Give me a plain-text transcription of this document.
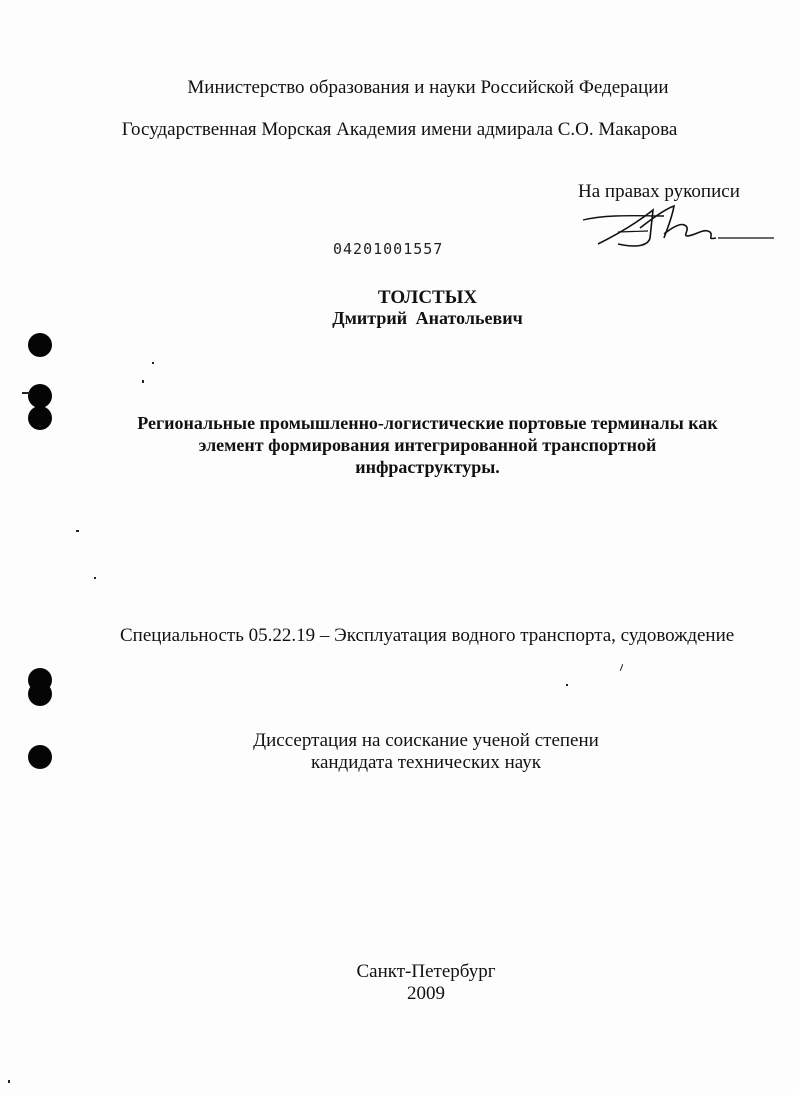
Министерство образования и науки Российской Федерации
Государственная Морская Академия имени адмирала С.О. Макарова
На правах рукописи
04201001557
ТОЛСТЫХ
Дмитрий Анатольевич
Региональные промышленно-логистические портовые терминалы как
элемент формирования интегрированной транспортной
инфраструктуры.
Специальность 05.22.19 – Эксплуатация водного транспорта, судовождение
Диссертация на соискание ученой степени
кандидата технических наук
Санкт-Петербург
2009
